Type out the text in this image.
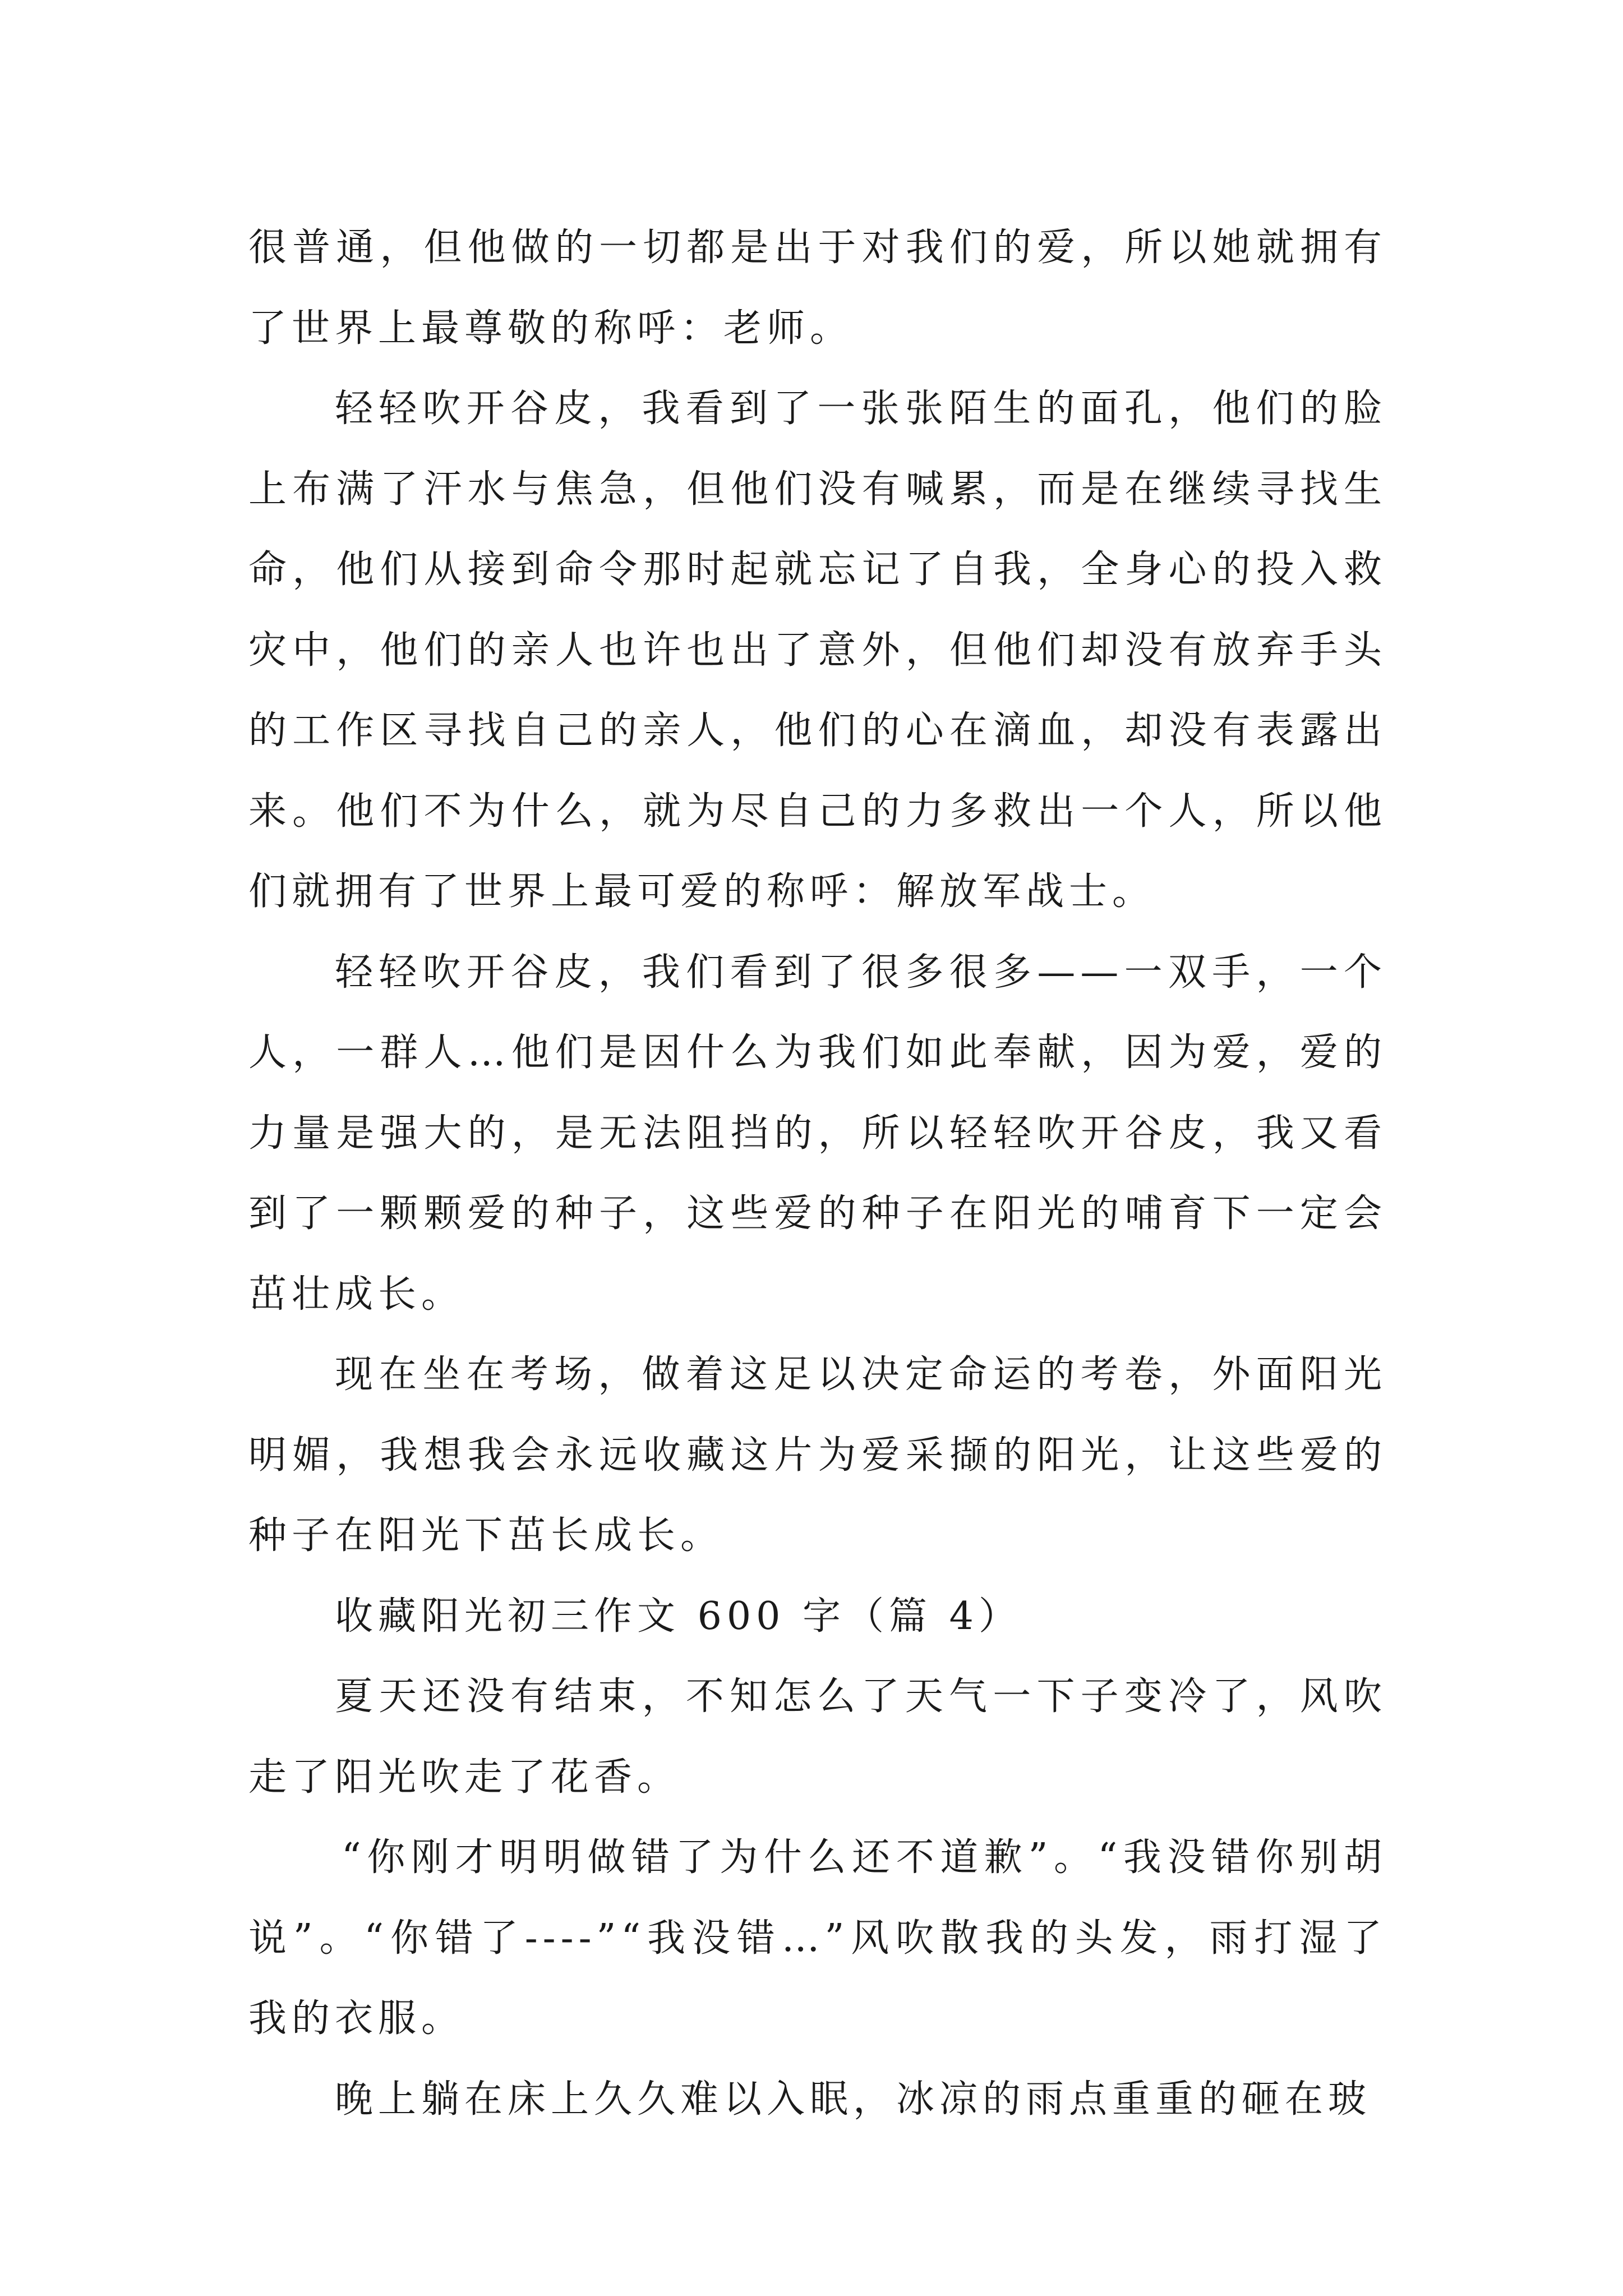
很普通，但他做的一切都是出于对我们的爱，所以她就拥有了世界上最尊敬的称呼：老师。

轻轻吹开谷皮，我看到了一张张陌生的面孔，他们的脸上布满了汗水与焦急，但他们没有喊累，而是在继续寻找生命，他们从接到命令那时起就忘记了自我，全身心的投入救灾中，他们的亲人也许也出了意外，但他们却没有放弃手头的工作区寻找自己的亲人，他们的心在滴血，却没有表露出来。他们不为什么，就为尽自己的力多救出一个人，所以他们就拥有了世界上最可爱的称呼：解放军战士。

轻轻吹开谷皮，我们看到了很多很多——一双手，一个人，一群人…他们是因什么为我们如此奉献，因为爱，爱的力量是强大的，是无法阻挡的，所以轻轻吹开谷皮，我又看到了一颗颗爱的种子，这些爱的种子在阳光的哺育下一定会茁壮成长。

现在坐在考场，做着这足以决定命运的考卷，外面阳光明媚，我想我会永远收藏这片为爱采撷的阳光，让这些爱的种子在阳光下茁长成长。

收藏阳光初三作文 600 字（篇 4）

夏天还没有结束，不知怎么了天气一下子变冷了，风吹走了阳光吹走了花香。

“你刚才明明做错了为什么还不道歉”。“我没错你别胡说”。“你错了----”“我没错…”风吹散我的头发，雨打湿了我的衣服。

晚上躺在床上久久难以入眠，冰凉的雨点重重的砸在玻
